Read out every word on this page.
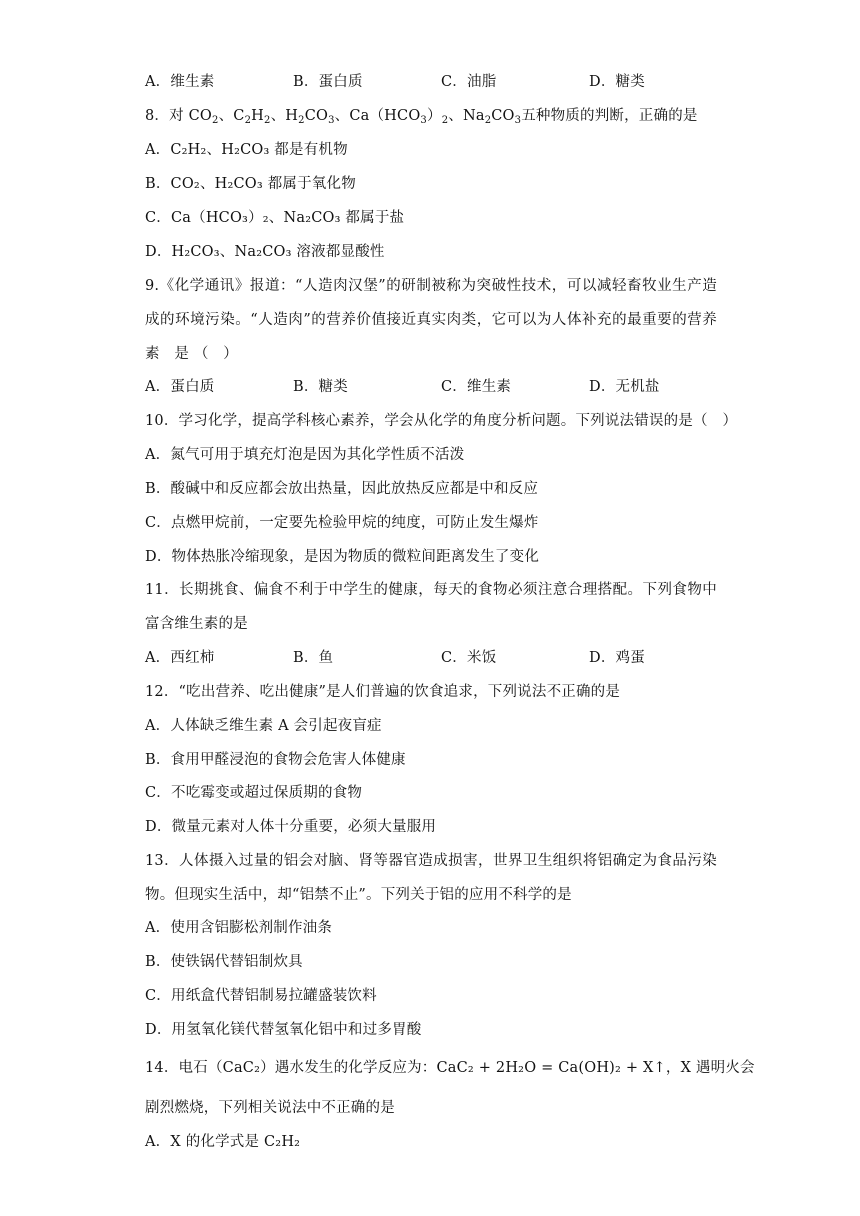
A．维生素	B．蛋白质	C．油脂	D．糖类
8．对 $CO_2$、$C_2H_2$、$H_2CO_3$、$Ca(HCO_3)_2$、$Na_2CO_3$五种物质的判断，正确的是
A．C₂H₂、H₂CO₃ 都是有机物
B．CO₂、H₂CO₃ 都属于氧化物
C．Ca（HCO₃）₂、Na₂CO₃ 都属于盐
D．H₂CO₃、Na₂CO₃ 溶液都显酸性
9.《化学通讯》报道：“人造肉汉堡”的研制被称为突破性技术，可以减轻畜牧业生产造
成的环境污染。“人造肉”的营养价值接近真实肉类，它可以为人体补充的最重要的营养
素　是 （　）
A．蛋白质	B．糖类	C．维生素	D．无机盐
10．学习化学，提高学科核心素养，学会从化学的角度分析问题。下列说法错误的是（　）
A．氮气可用于填充灯泡是因为其化学性质不活泼
B．酸碱中和反应都会放出热量，因此放热反应都是中和反应
C．点燃甲烷前，一定要先检验甲烷的纯度，可防止发生爆炸
D．物体热胀冷缩现象，是因为物质的微粒间距离发生了变化
11．长期挑食、偏食不利于中学生的健康，每天的食物必须注意合理搭配。下列食物中
富含维生素的是
A．西红柿	B．鱼	C．米饭	D．鸡蛋
12．“吃出营养、吃出健康”是人们普遍的饮食追求，下列说法不正确的是
A．人体缺乏维生素 A 会引起夜盲症
B．食用甲醛浸泡的食物会危害人体健康
C．不吃霉变或超过保质期的食物
D．微量元素对人体十分重要，必须大量服用
13．人体摄入过量的铝会对脑、肾等器官造成损害，世界卫生组织将铝确定为食品污染
物。但现实生活中，却“铝禁不止”。下列关于铝的应用不科学的是
A．使用含铝膨松剂制作油条
B．使铁锅代替铝制炊具
C．用纸盒代替铝制易拉罐盛装饮料
D．用氢氧化镁代替氢氧化铝中和过多胃酸
14．电石（CaC₂）遇水发生的化学反应为：CaC₂ + 2H₂O = Ca(OH)₂ + X↑，X 遇明火会
剧烈燃烧，下列相关说法中不正确的是
A．X 的化学式是 C₂H₂
